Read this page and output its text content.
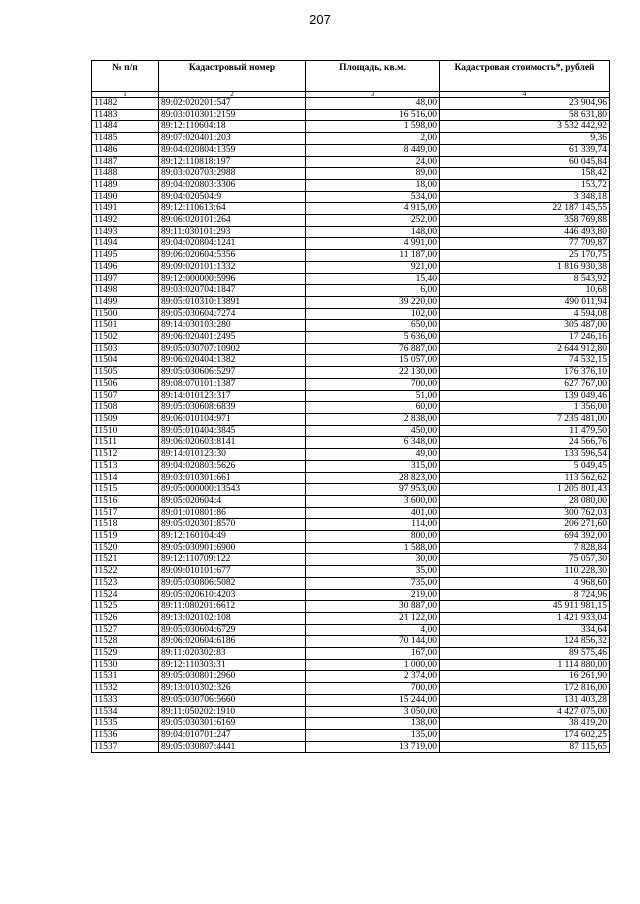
207
№ п/п	Кадастровый номер	Площадь, кв.м.	Кадастровая стоимость*, рублей
1	2	3	4
11482	89:02:020201:547	48,00	23 904,96
11483	89:03:010301:2159	16 516,00	58 631,80
11484	89:12:110604:18	1 598,00	3 532 442,92
11485	89:07:020401:203	2,00	9,36
11486	89:04:020804:1359	8 449,00	61 339,74
11487	89:12:110818:197	24,00	60 045,84
11488	89:03:020703:2988	89,00	158,42
11489	89:04:020803:3306	18,00	153,72
11490	89:04:020504:9	534,00	3 348,18
11491	89:12:110613:64	4 915,00	22 187 145,55
11492	89:06:020101:264	252,00	358 769,88
11493	89:11:030101:293	148,00	446 493,80
11494	89:04:020804:1241	4 991,00	77 709,87
11495	89:06:020604:5356	11 187,00	25 170,75
11496	89:09:020101:1332	921,00	1 816 930,38
11497	89:12:000000:5996	15,40	8 543,92
11498	89:03:020704:1847	6,00	10,68
11499	89:05:010310:13891	39 220,00	490 011,94
11500	89:05:030604:7274	102,00	4 594,08
11501	89:14:030103:280	650,00	305 487,00
11502	89:06:020401:2495	5 636,00	17 246,16
11503	89:05:030707:10902	76 887,00	2 644 912,80
11504	89:06:020404:1382	15 057,00	74 532,15
11505	89:05:030606:5297	22 130,00	176 376,10
11506	89:08:070101:1387	700,00	627 767,00
11507	89:14:010123:317	51,00	139 049,46
11508	89:05:030608:6839	60,00	1 356,00
11509	89:06:010104:971	2 838,00	7 235 481,00
11510	89:05:010404:3845	450,00	11 479,50
11511	89:06:020603:8141	6 348,00	24 566,76
11512	89:14:010123:30	49,00	133 596,54
11513	89:04:020803:5626	315,00	5 049,45
11514	89:03:010301:661	28 823,00	113 562,62
11515	89:05:000000:13543	97 953,00	1 205 801,43
11516	89:05:020604:4	3 600,00	28 080,00
11517	89:01:010801:86	401,00	300 762,03
11518	89:05:020301:8570	114,00	206 271,60
11519	89:12:160104:49	800,00	694 392,00
11520	89:05:030901:6900	1 588,00	7 828,84
11521	89:12:110709:122	30,00	75 057,30
11522	89:09:010101:677	35,00	110 228,30
11523	89:05:030806:5082	735,00	4 968,60
11524	89:05:020610:4203	219,00	8 724,96
11525	89:11:080201:6612	30 887,00	45 911 981,15
11526	89:13:020102:108	21 122,00	1 421 933,04
11527	89:05:030604:6729	4,00	334,64
11528	89:06:020604:6186	70 144,00	124 856,32
11529	89:11:020302:83	167,00	89 575,46
11530	89:12:110303:31	1 000,00	1 114 880,00
11531	89:05:030801:2960	2 374,00	16 261,90
11532	89:13:010302:326	700,00	172 816,00
11533	89:05:030706:5660	15 244,00	131 403,28
11534	89:11:050202:1910	3 050,00	4 427 075,00
11535	89:05:030301:6169	138,00	38 419,20
11536	89:04:010701:247	135,00	174 602,25
11537	89:05:030807:4441	13 719,00	87 115,65
